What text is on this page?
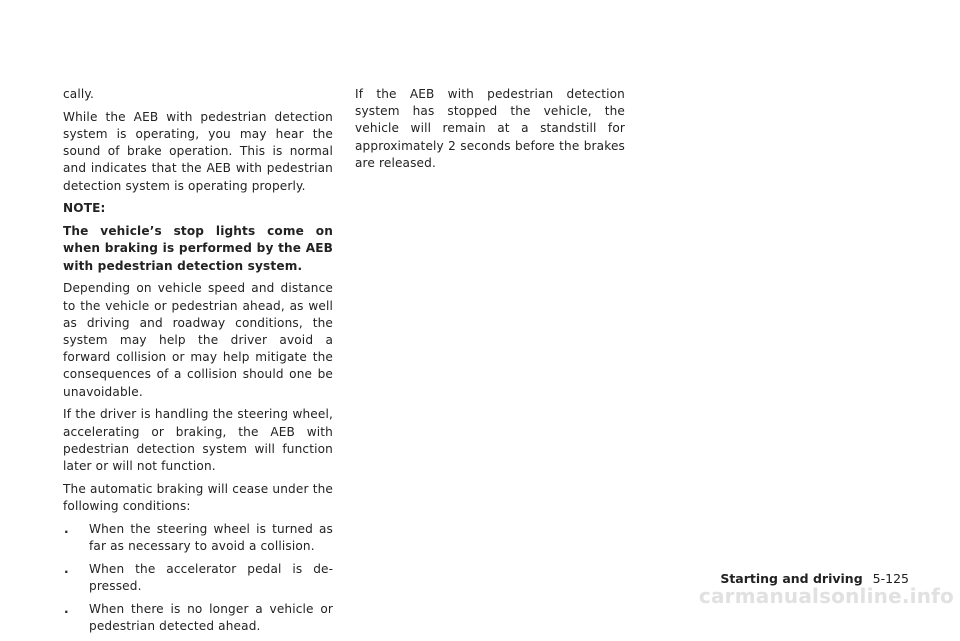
cally.

While the AEB with pedestrian detection system is operating, you may hear the sound of brake operation. This is normal and indicates that the AEB with pedestrian detection system is operating properly.

NOTE:

The vehicle’s stop lights come on when braking is performed by the AEB with pedestrian detection system.

Depending on vehicle speed and distance to the vehicle or pedestrian ahead, as well as driving and roadway conditions, the system may help the driver avoid a forward collision or may help mitigate the consequences of a collision should one be unavoidable.

If the driver is handling the steering wheel, accelerating or braking, the AEB with pedestrian detection system will function later or will not function.

The automatic braking will cease under the following conditions:

. When the steering wheel is turned as far as necessary to avoid a collision.
. When the accelerator pedal is depressed.
. When there is no longer a vehicle or pedestrian detected ahead.

If the AEB with pedestrian detection system has stopped the vehicle, the vehicle will remain at a standstill for approximately 2 seconds before the brakes are released.

Starting and driving 5-125
carmanualsonline.info
